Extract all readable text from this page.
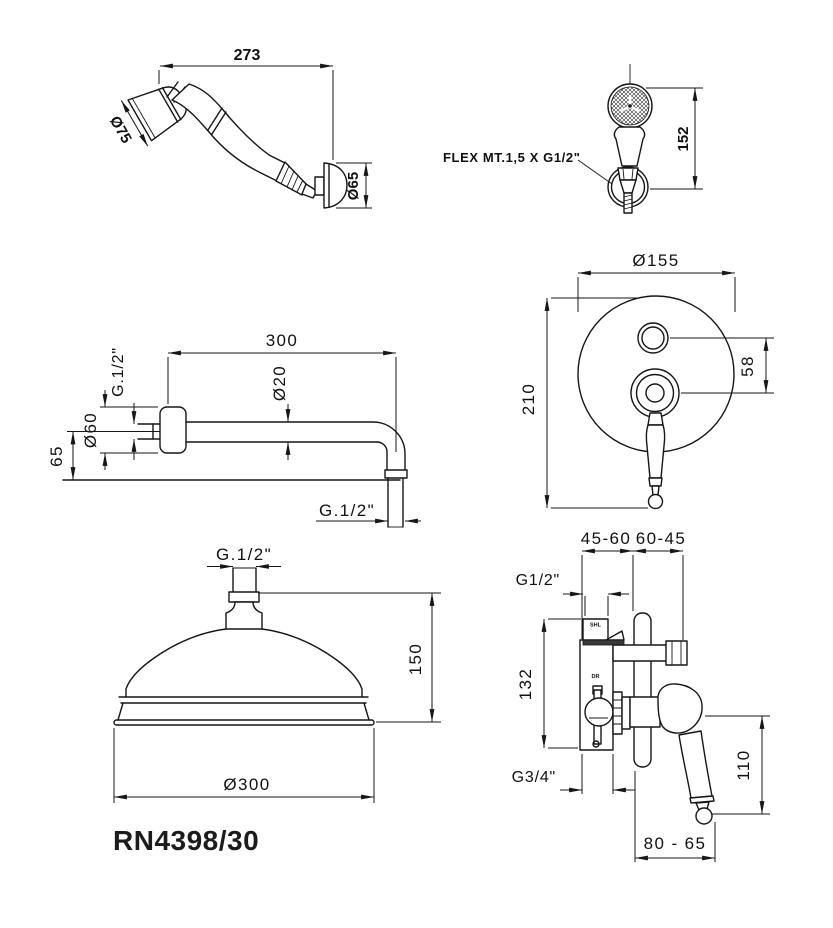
273
Ø75
Ø65
FLEX MT.1,5 X G1/2"
152
300
G.1/2"
Ø60
65
Ø20
G.1/2"
Ø155
210
58
G.1/2"
150
Ø300
RN4398/30
SHL
DR
45-60 60-45
G1/2"
132
G3/4"	110
80 - 65
